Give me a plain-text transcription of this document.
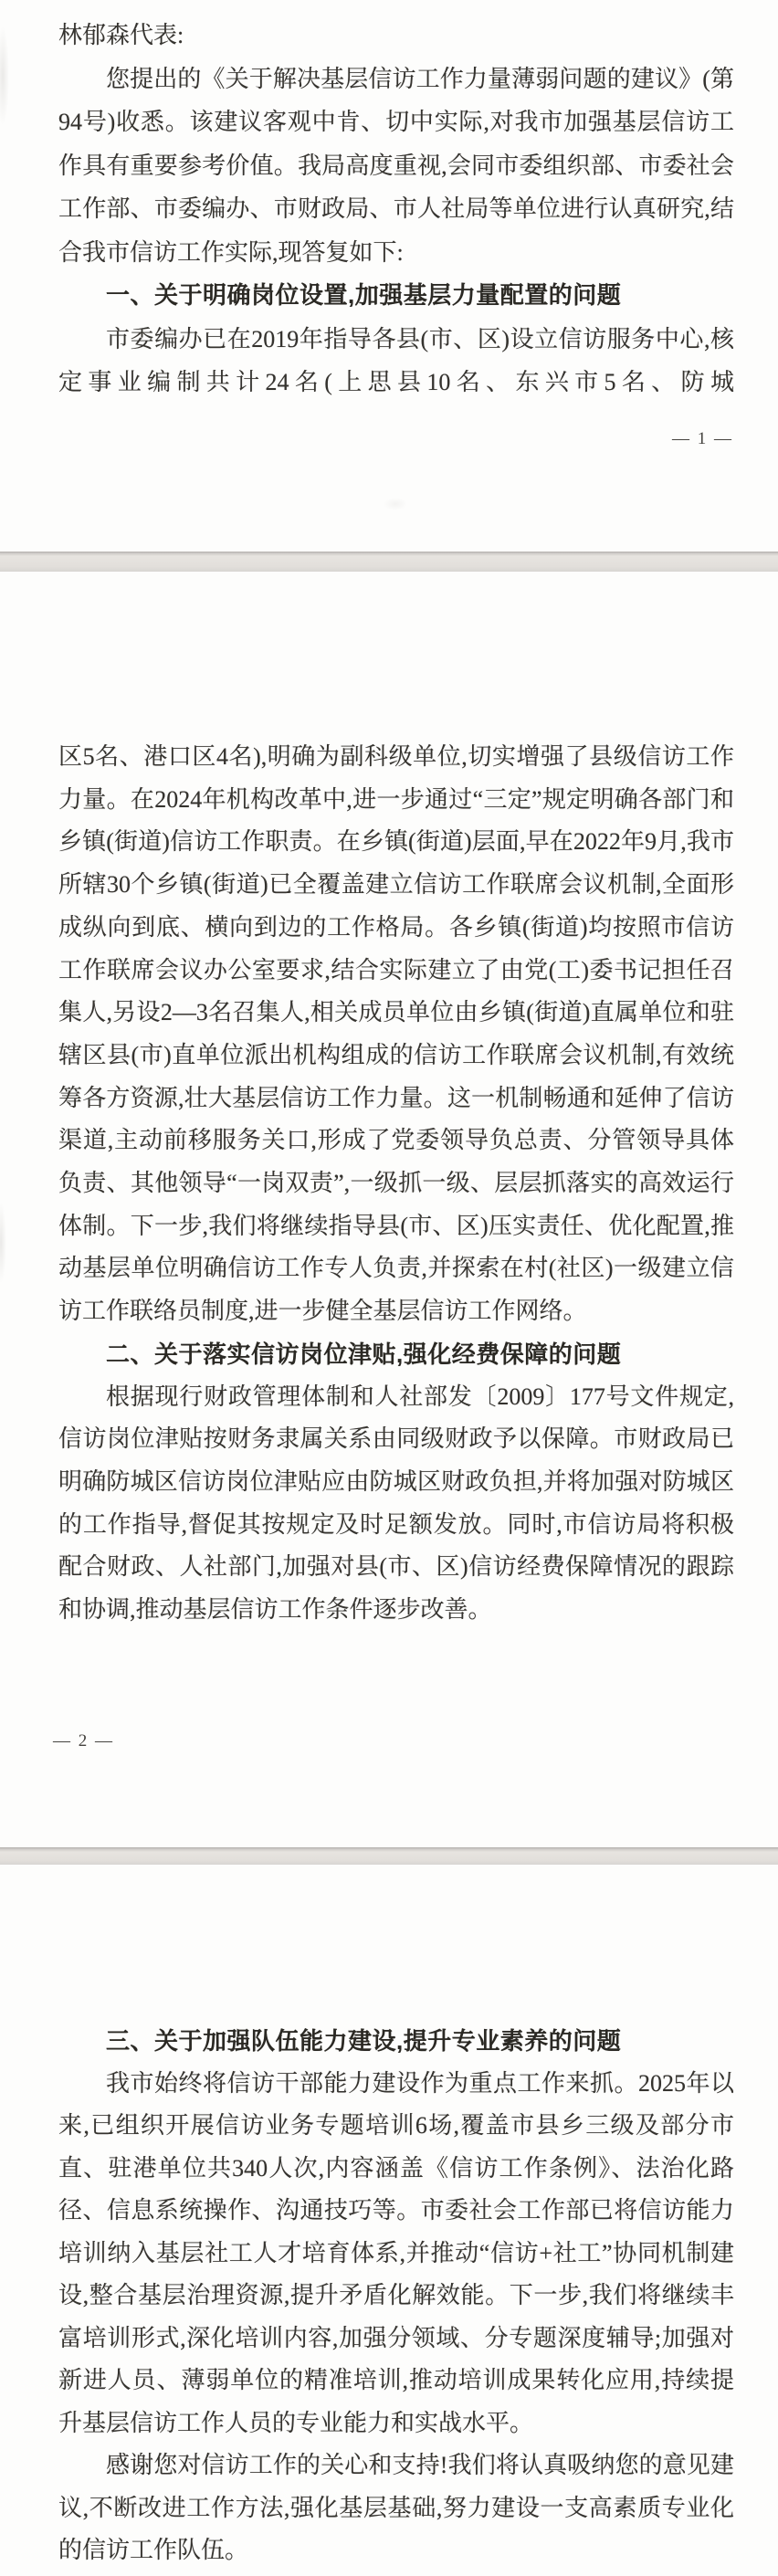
林郁森代表:

您提出的《关于解决基层信访工作力量薄弱问题的建议》(第94号)收悉。该建议客观中肯、切中实际,对我市加强基层信访工作具有重要参考价值。我局高度重视,会同市委组织部、市委社会工作部、市委编办、市财政局、市人社局等单位进行认真研究,结合我市信访工作实际,现答复如下:

一、关于明确岗位设置,加强基层力量配置的问题

市委编办已在2019年指导各县(市、区)设立信访服务中心,核定事业编制共计24名(上思县10名、东兴市5名、防城

— 1 —

区5名、港口区4名),明确为副科级单位,切实增强了县级信访工作力量。在2024年机构改革中,进一步通过“三定”规定明确各部门和乡镇(街道)信访工作职责。在乡镇(街道)层面,早在2022年9月,我市所辖30个乡镇(街道)已全覆盖建立信访工作联席会议机制,全面形成纵向到底、横向到边的工作格局。各乡镇(街道)均按照市信访工作联席会议办公室要求,结合实际建立了由党(工)委书记担任召集人,另设2—3名召集人,相关成员单位由乡镇(街道)直属单位和驻辖区县(市)直单位派出机构组成的信访工作联席会议机制,有效统筹各方资源,壮大基层信访工作力量。这一机制畅通和延伸了信访渠道,主动前移服务关口,形成了党委领导负总责、分管领导具体负责、其他领导“一岗双责”,一级抓一级、层层抓落实的高效运行体制。下一步,我们将继续指导县(市、区)压实责任、优化配置,推动基层单位明确信访工作专人负责,并探索在村(社区)一级建立信访工作联络员制度,进一步健全基层信访工作网络。

二、关于落实信访岗位津贴,强化经费保障的问题

根据现行财政管理体制和人社部发〔2009〕177号文件规定,信访岗位津贴按财务隶属关系由同级财政予以保障。市财政局已明确防城区信访岗位津贴应由防城区财政负担,并将加强对防城区的工作指导,督促其按规定及时足额发放。同时,市信访局将积极配合财政、人社部门,加强对县(市、区)信访经费保障情况的跟踪和协调,推动基层信访工作条件逐步改善。

— 2 —
三、关于加强队伍能力建设,提升专业素养的问题

我市始终将信访干部能力建设作为重点工作来抓。2025年以来,已组织开展信访业务专题培训6场,覆盖市县乡三级及部分市直、驻港单位共340人次,内容涵盖《信访工作条例》、法治化路径、信息系统操作、沟通技巧等。市委社会工作部已将信访能力培训纳入基层社工人才培育体系,并推动“信访+社工”协同机制建设,整合基层治理资源,提升矛盾化解效能。下一步,我们将继续丰富培训形式,深化培训内容,加强分领域、分专题深度辅导;加强对新进人员、薄弱单位的精准培训,推动培训成果转化应用,持续提升基层信访工作人员的专业能力和实战水平。

感谢您对信访工作的关心和支持!我们将认真吸纳您的意见建议,不断改进工作方法,强化基层基础,努力建设一支高素质专业化的信访工作队伍。
